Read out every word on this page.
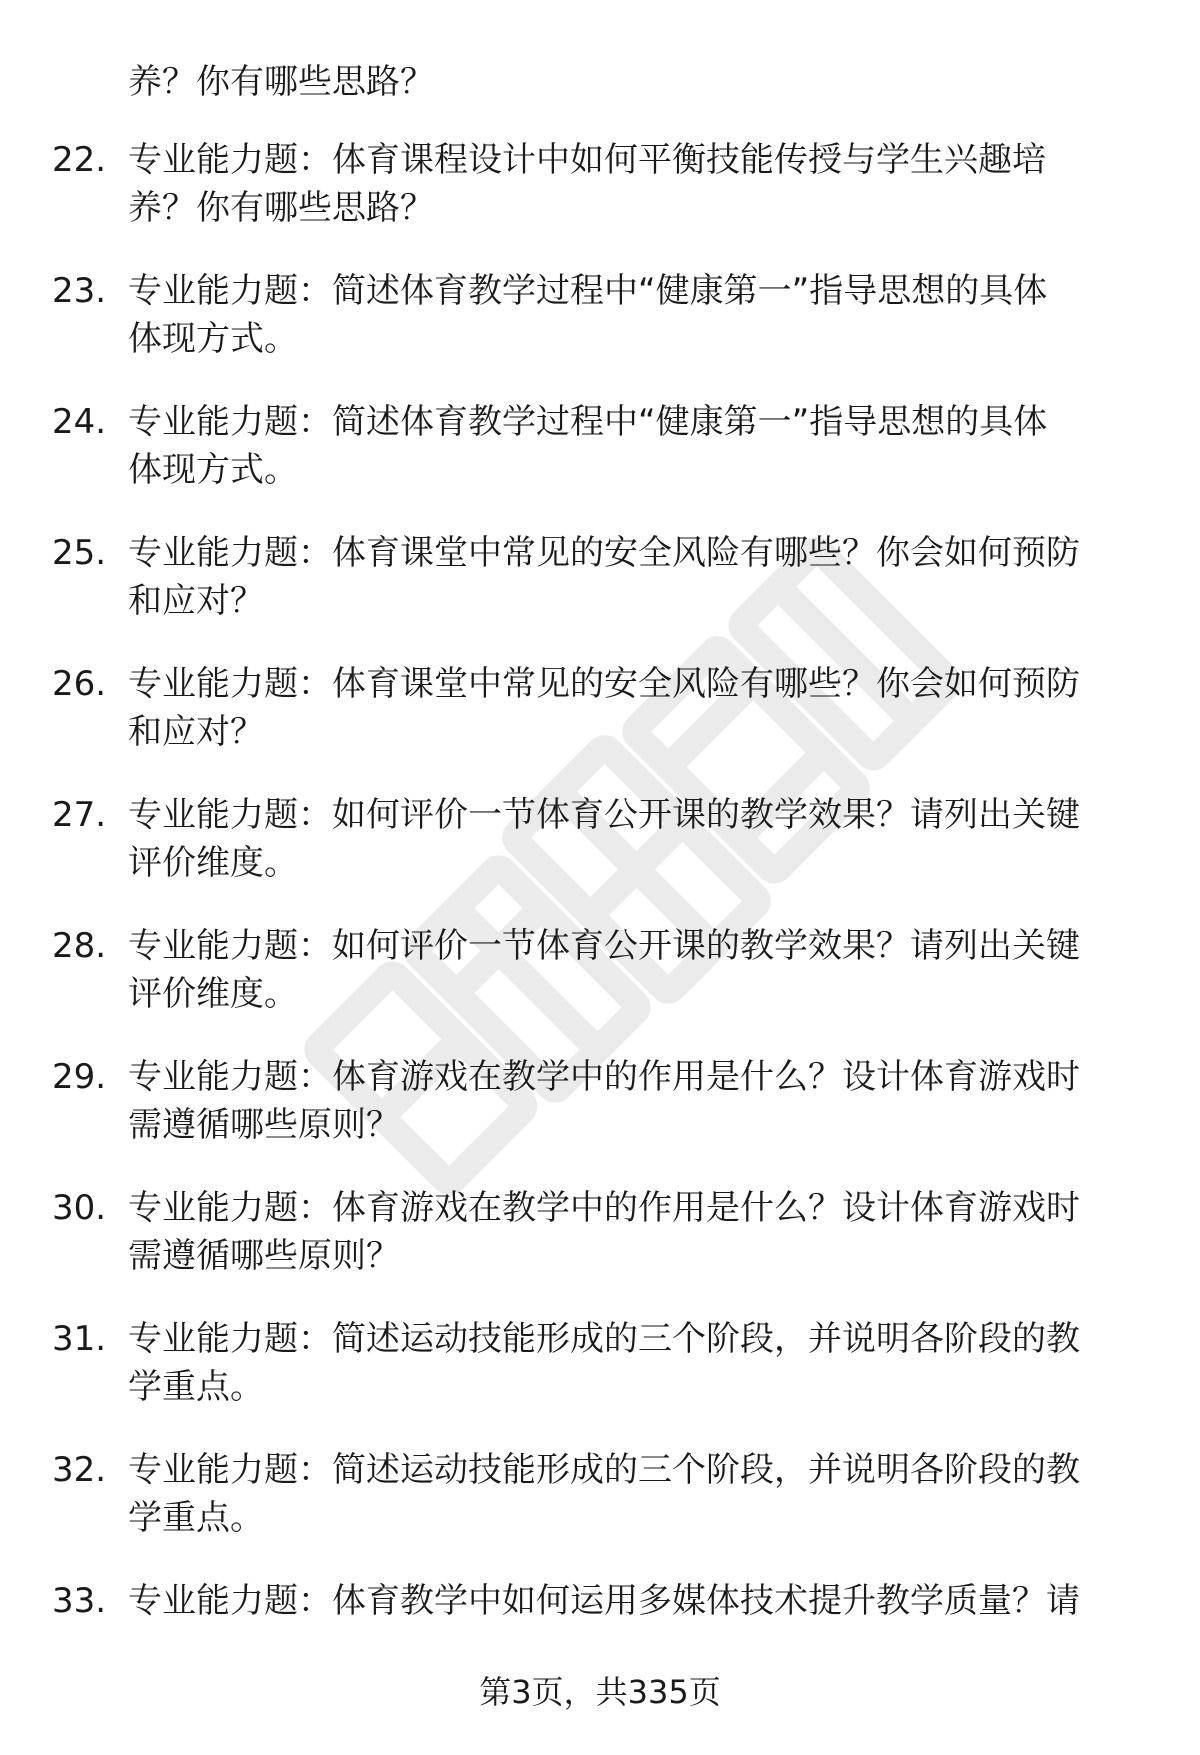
养？你有哪些思路？
22. 专业能力题：体育课程设计中如何平衡技能传授与学生兴趣培
养？你有哪些思路？
23. 专业能力题：简述体育教学过程中“健康第一”指导思想的具体
体现方式。
24. 专业能力题：简述体育教学过程中“健康第一”指导思想的具体
体现方式。
25. 专业能力题：体育课堂中常见的安全风险有哪些？你会如何预防
和应对？
26. 专业能力题：体育课堂中常见的安全风险有哪些？你会如何预防
和应对？
27. 专业能力题：如何评价一节体育公开课的教学效果？请列出关键
评价维度。
28. 专业能力题：如何评价一节体育公开课的教学效果？请列出关键
评价维度。
29. 专业能力题：体育游戏在教学中的作用是什么？设计体育游戏时
需遵循哪些原则？
30. 专业能力题：体育游戏在教学中的作用是什么？设计体育游戏时
需遵循哪些原则？
31. 专业能力题：简述运动技能形成的三个阶段，并说明各阶段的教
学重点。
32. 专业能力题：简述运动技能形成的三个阶段，并说明各阶段的教
学重点。
33. 专业能力题：体育教学中如何运用多媒体技术提升教学质量？请
第3页，共335页
